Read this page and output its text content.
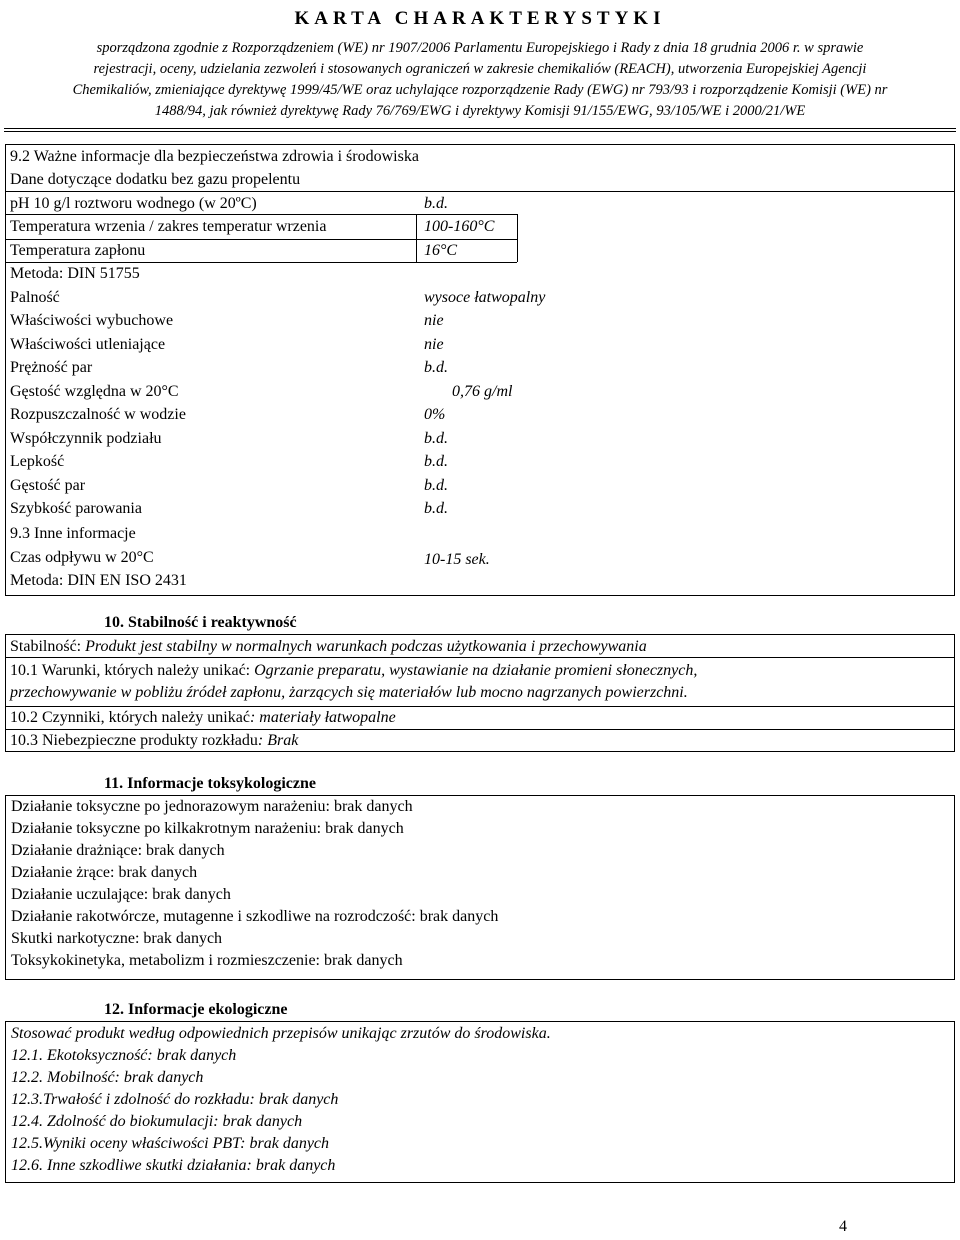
KARTA CHARAKTERYSTYKI
sporządzona zgodnie z Rozporządzeniem (WE) nr 1907/2006 Parlamentu Europejskiego i Rady z dnia 18 grudnia 2006 r. w sprawie
rejestracji, oceny, udzielania zezwoleń i stosowanych ograniczeń w zakresie chemikaliów (REACH), utworzenia Europejskiej Agencji
Chemikaliów, zmieniające dyrektywę 1999/45/WE oraz uchylające rozporządzenie Rady (EWG) nr 793/93 i rozporządzenie Komisji (WE) nr
1488/94, jak również dyrektywę Rady 76/769/EWG i dyrektywy Komisji 91/155/EWG, 93/105/WE i 2000/21/WE
9.2 Ważne informacje dla bezpieczeństwa zdrowia i środowiska
Dane dotyczące dodatku bez gazu propelentu
pH 10 g/l roztworu wodnego (w 20ºC)	b.d.
Temperatura wrzenia / zakres temperatur wrzenia	100-160°C
Temperatura zapłonu	16°C
Metoda: DIN 51755
Palność	wysoce łatwopalny
Właściwości wybuchowe	nie
Właściwości utleniające	nie
Prężność par	b.d.
Gęstość względna w 20°C	0,76 g/ml
Rozpuszczalność w wodzie	0%
Współczynnik podziału	b.d.
Lepkość	b.d.
Gęstość par	b.d.
Szybkość parowania	b.d.
9.3 Inne informacje
Czas odpływu w 20°C	10-15 sek.
Metoda: DIN EN ISO 2431
10. Stabilność i reaktywność
Stabilność: Produkt jest stabilny w normalnych warunkach podczas użytkowania i przechowywania
10.1 Warunki, których należy unikać: Ogrzanie preparatu, wystawianie na działanie promieni słonecznych,
przechowywanie w pobliżu źródeł zapłonu, żarzących się materiałów lub mocno nagrzanych powierzchni.
10.2 Czynniki, których należy unikać: materiały łatwopalne
10.3 Niebezpieczne produkty rozkładu: Brak
11. Informacje toksykologiczne
Działanie toksyczne po jednorazowym narażeniu: brak danych
Działanie toksyczne po kilkakrotnym narażeniu: brak danych
Działanie drażniące: brak danych
Działanie żrące: brak danych
Działanie uczulające: brak danych
Działanie rakotwórcze, mutagenne i szkodliwe na rozrodczość: brak danych
Skutki narkotyczne: brak danych
Toksykokinetyka, metabolizm i rozmieszczenie: brak danych
12. Informacje ekologiczne
Stosować produkt według odpowiednich przepisów unikając zrzutów do środowiska.
12.1. Ekotoksyczność: brak danych
12.2. Mobilność: brak danych
12.3.Trwałość i zdolność do rozkładu: brak danych
12.4. Zdolność do biokumulacji: brak danych
12.5.Wyniki oceny właściwości PBT: brak danych
12.6. Inne szkodliwe skutki działania: brak danych
4
